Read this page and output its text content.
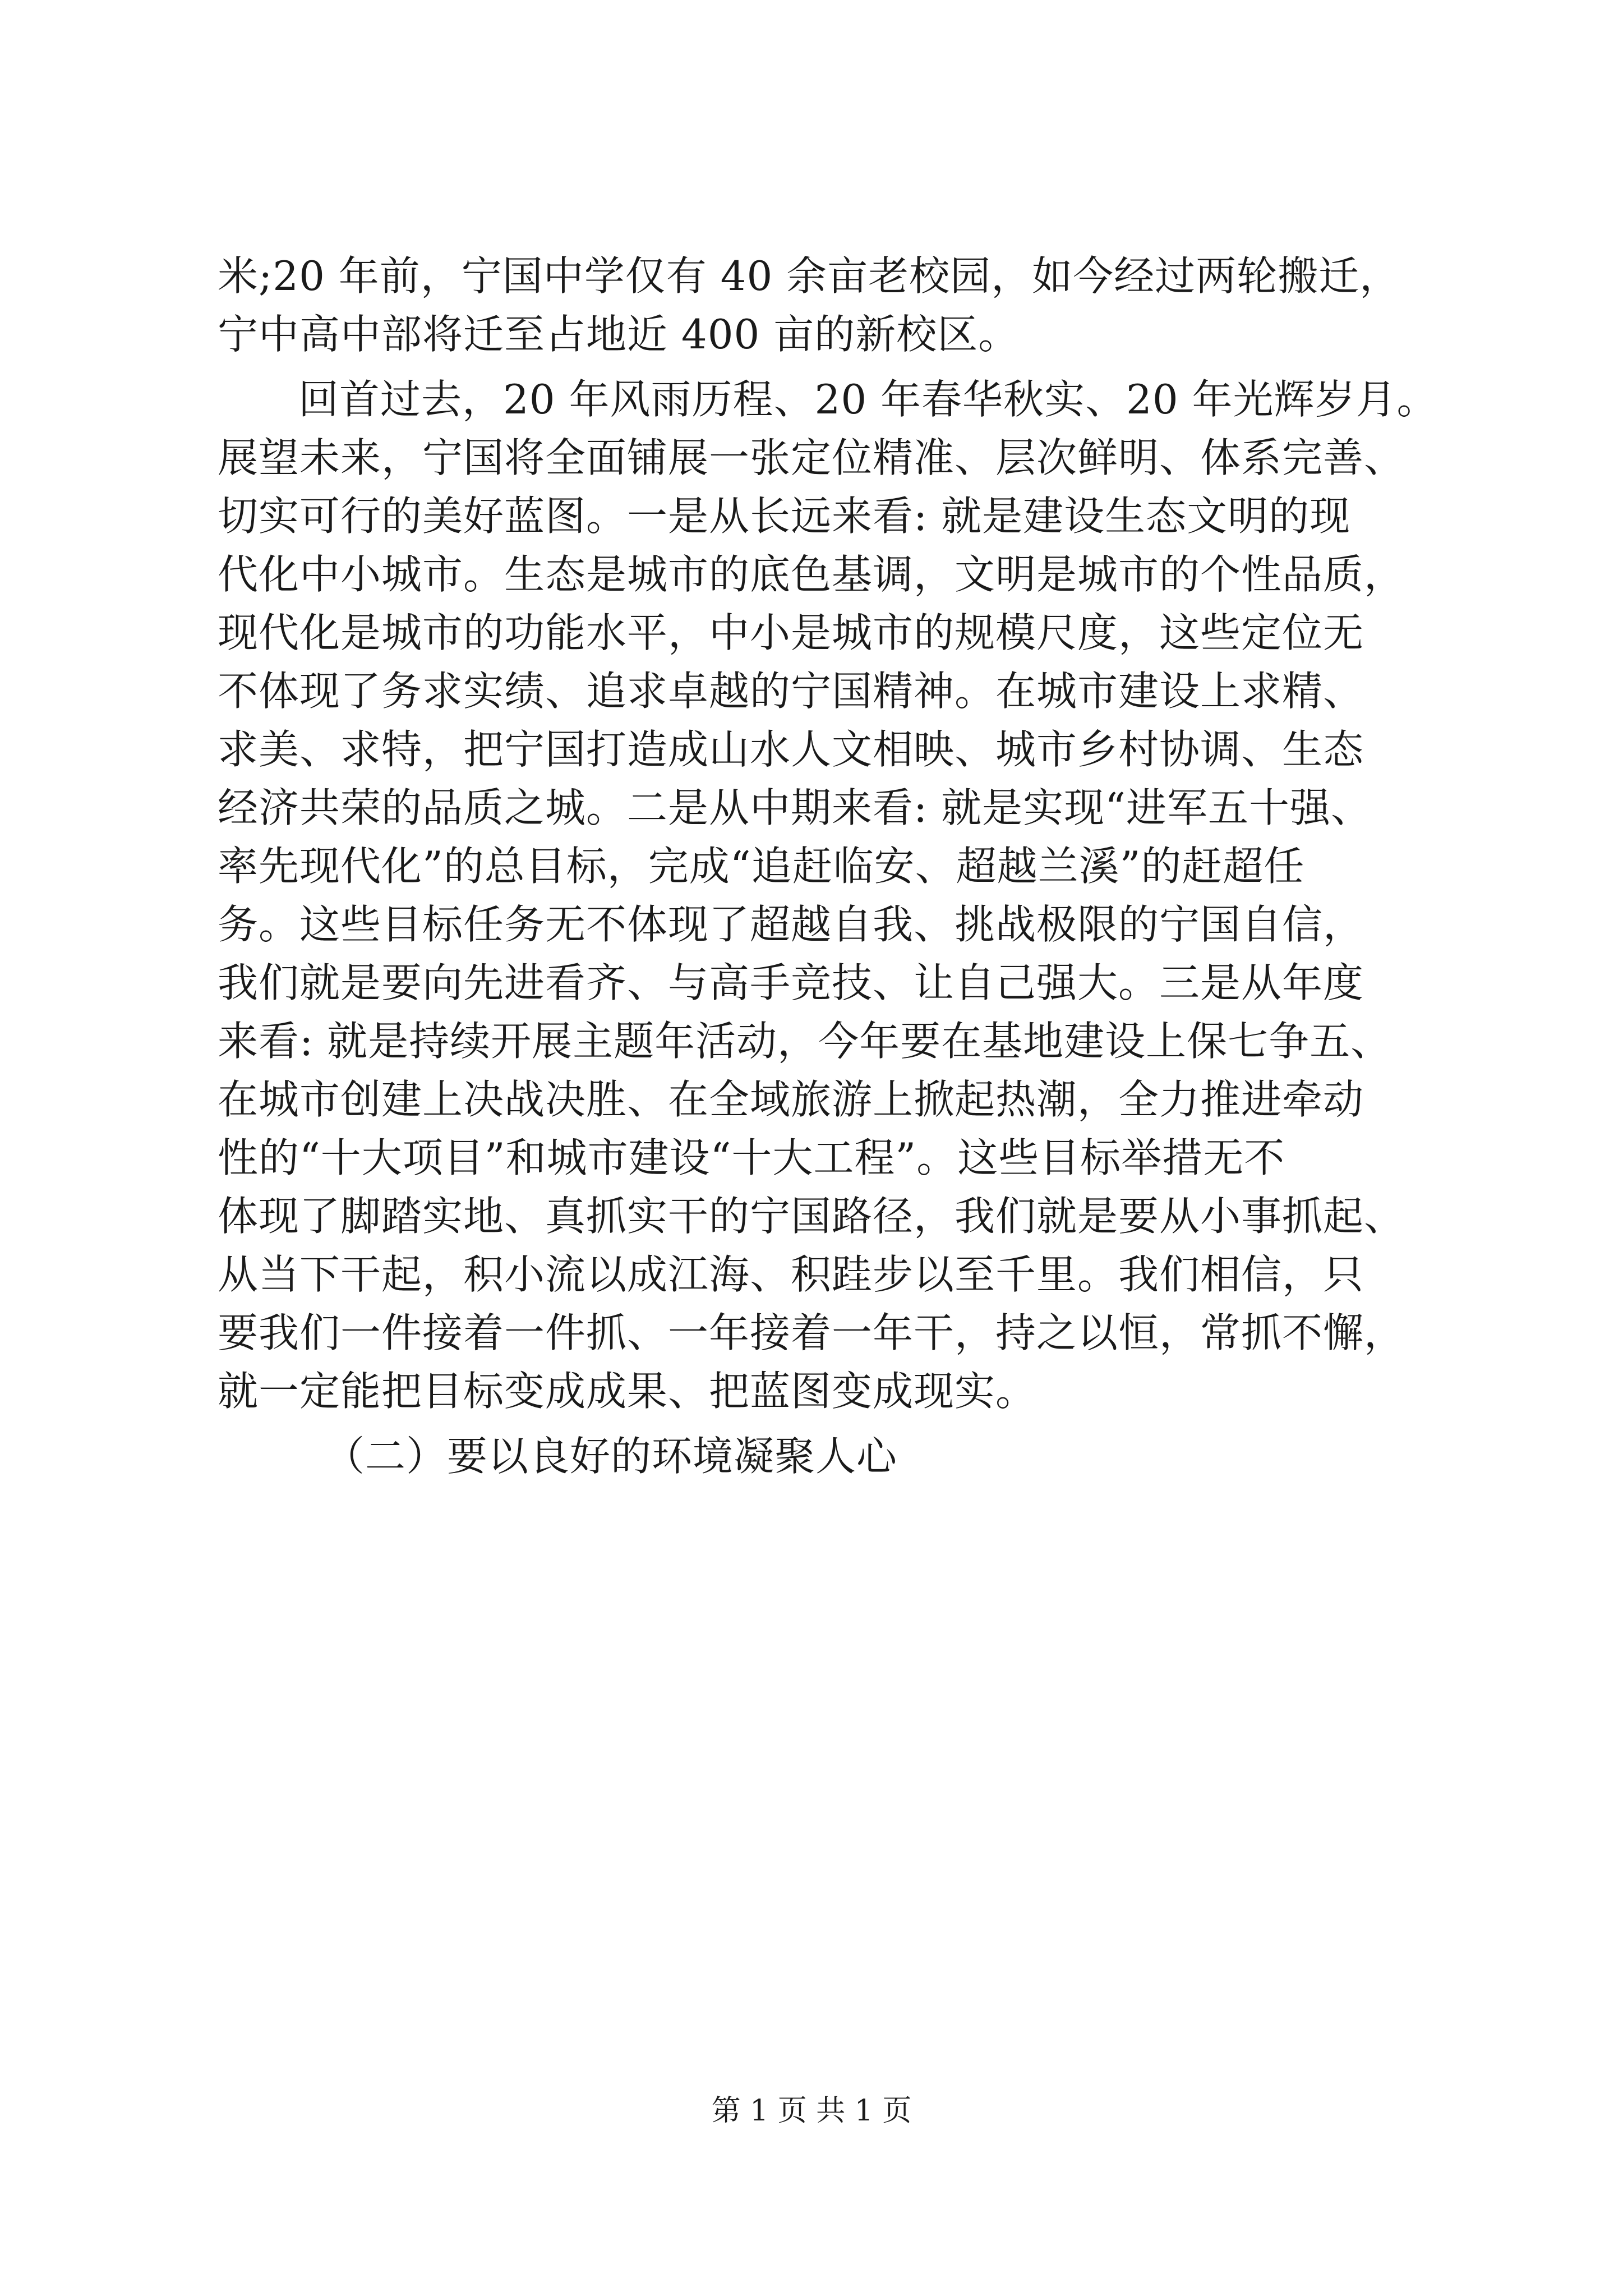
米;20 年前，宁国中学仅有 40 余亩老校园，如今经过两轮搬迁，
宁中高中部将迁至占地近 400 亩的新校区。
回首过去，20 年风雨历程、20 年春华秋实、20 年光辉岁月。
展望未来，宁国将全面铺展一张定位精准、层次鲜明、体系完善、
切实可行的美好蓝图。一是从长远来看: 就是建设生态文明的现
代化中小城市。生态是城市的底色基调，文明是城市的个性品质，
现代化是城市的功能水平，中小是城市的规模尺度，这些定位无
不体现了务求实绩、追求卓越的宁国精神。在城市建设上求精、
求美、求特，把宁国打造成山水人文相映、城市乡村协调、生态
经济共荣的品质之城。二是从中期来看: 就是实现“进军五十强、
率先现代化”的总目标，完成“追赶临安、超越兰溪”的赶超任
务。这些目标任务无不体现了超越自我、挑战极限的宁国自信，
我们就是要向先进看齐、与高手竞技、让自己强大。三是从年度
来看: 就是持续开展主题年活动，今年要在基地建设上保七争五、
在城市创建上决战决胜、在全域旅游上掀起热潮，全力推进牵动
性的“十大项目”和城市建设“十大工程”。这些目标举措无不
体现了脚踏实地、真抓实干的宁国路径，我们就是要从小事抓起、
从当下干起，积小流以成江海、积跬步以至千里。我们相信，只
要我们一件接着一件抓、一年接着一年干，持之以恒，常抓不懈，
就一定能把目标变成成果、把蓝图变成现实。
（二）要以良好的环境凝聚人心
第 1 页 共 1 页
